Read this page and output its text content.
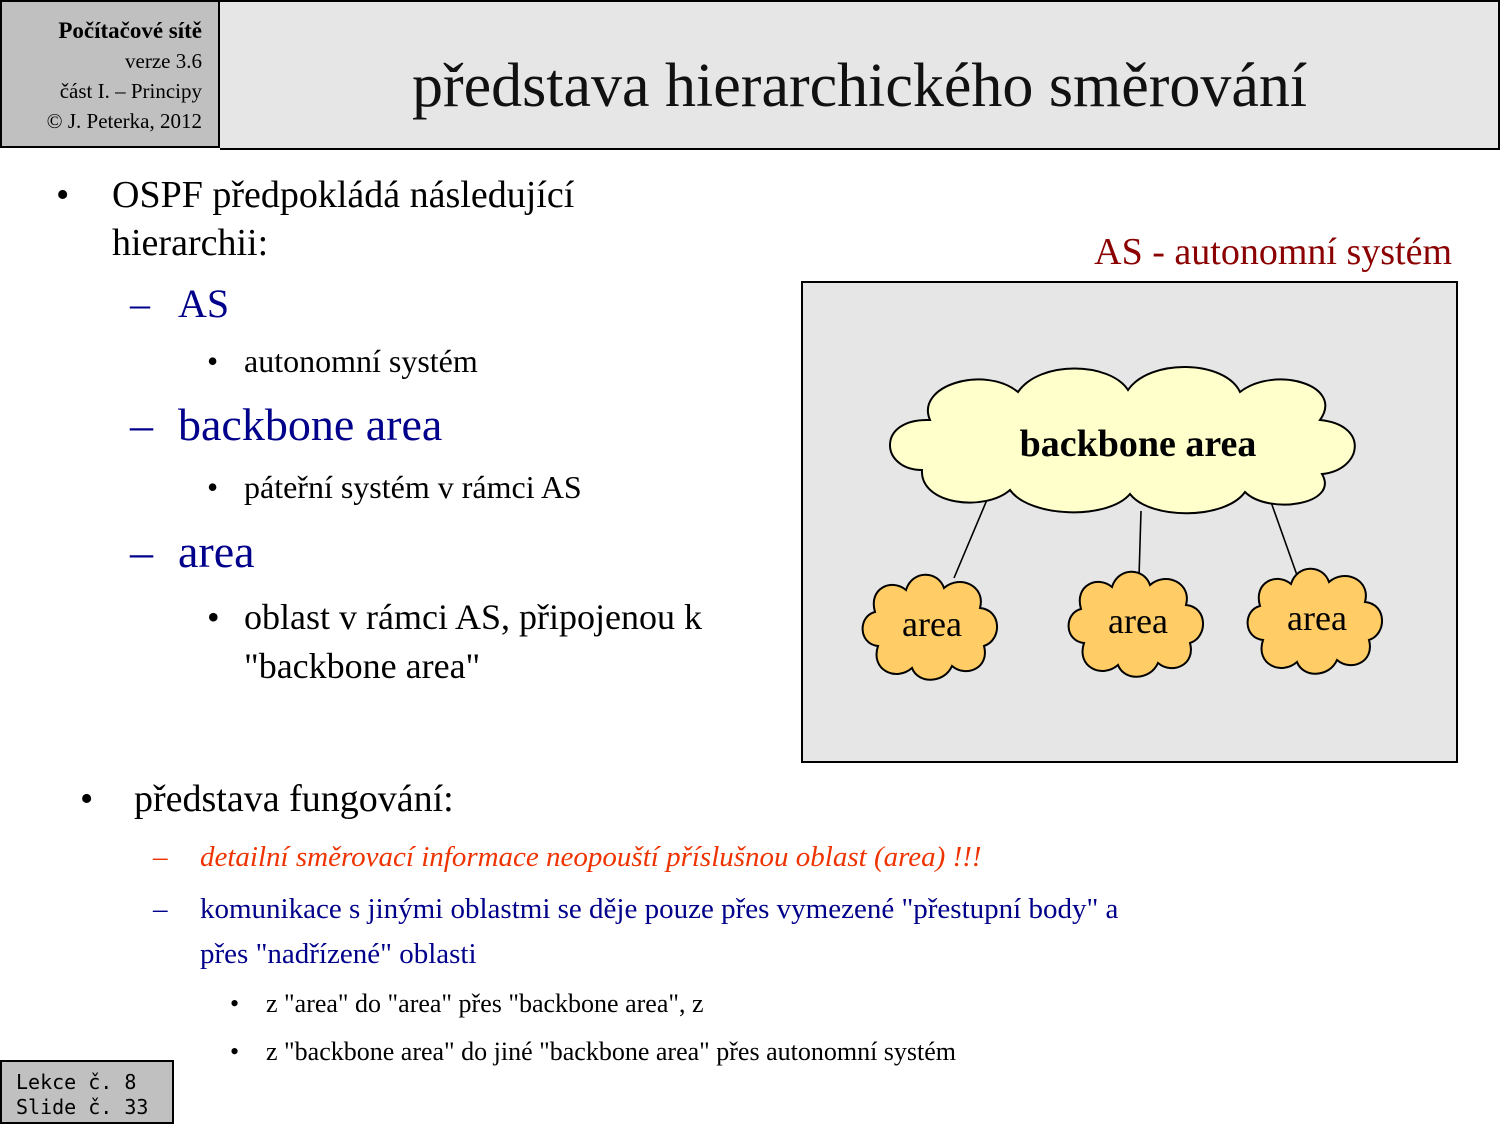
Počítačové sítě
verze 3.6
část I. – Principy
© J. Peterka, 2012
představa hierarchického směrování
• OSPF předpokládá následující
hierarchii:
– AS
• autonomní systém
– backbone area
• páteřní systém v rámci AS
– area
• oblast v rámci AS, připojenou k
"backbone area"
AS - autonomní systém
backbone area
area	area	area
• představa fungování:
– detailní směrovací informace neopouští příslušnou oblast (area) !!!
– komunikace s jinými oblastmi se děje pouze přes vymezené "přestupní body" a
přes "nadřízené" oblasti
• z "area" do "area" přes "backbone area", z
• z "backbone area" do jiné "backbone area" přes autonomní systém
Lekce č. 8
Slide č. 33
